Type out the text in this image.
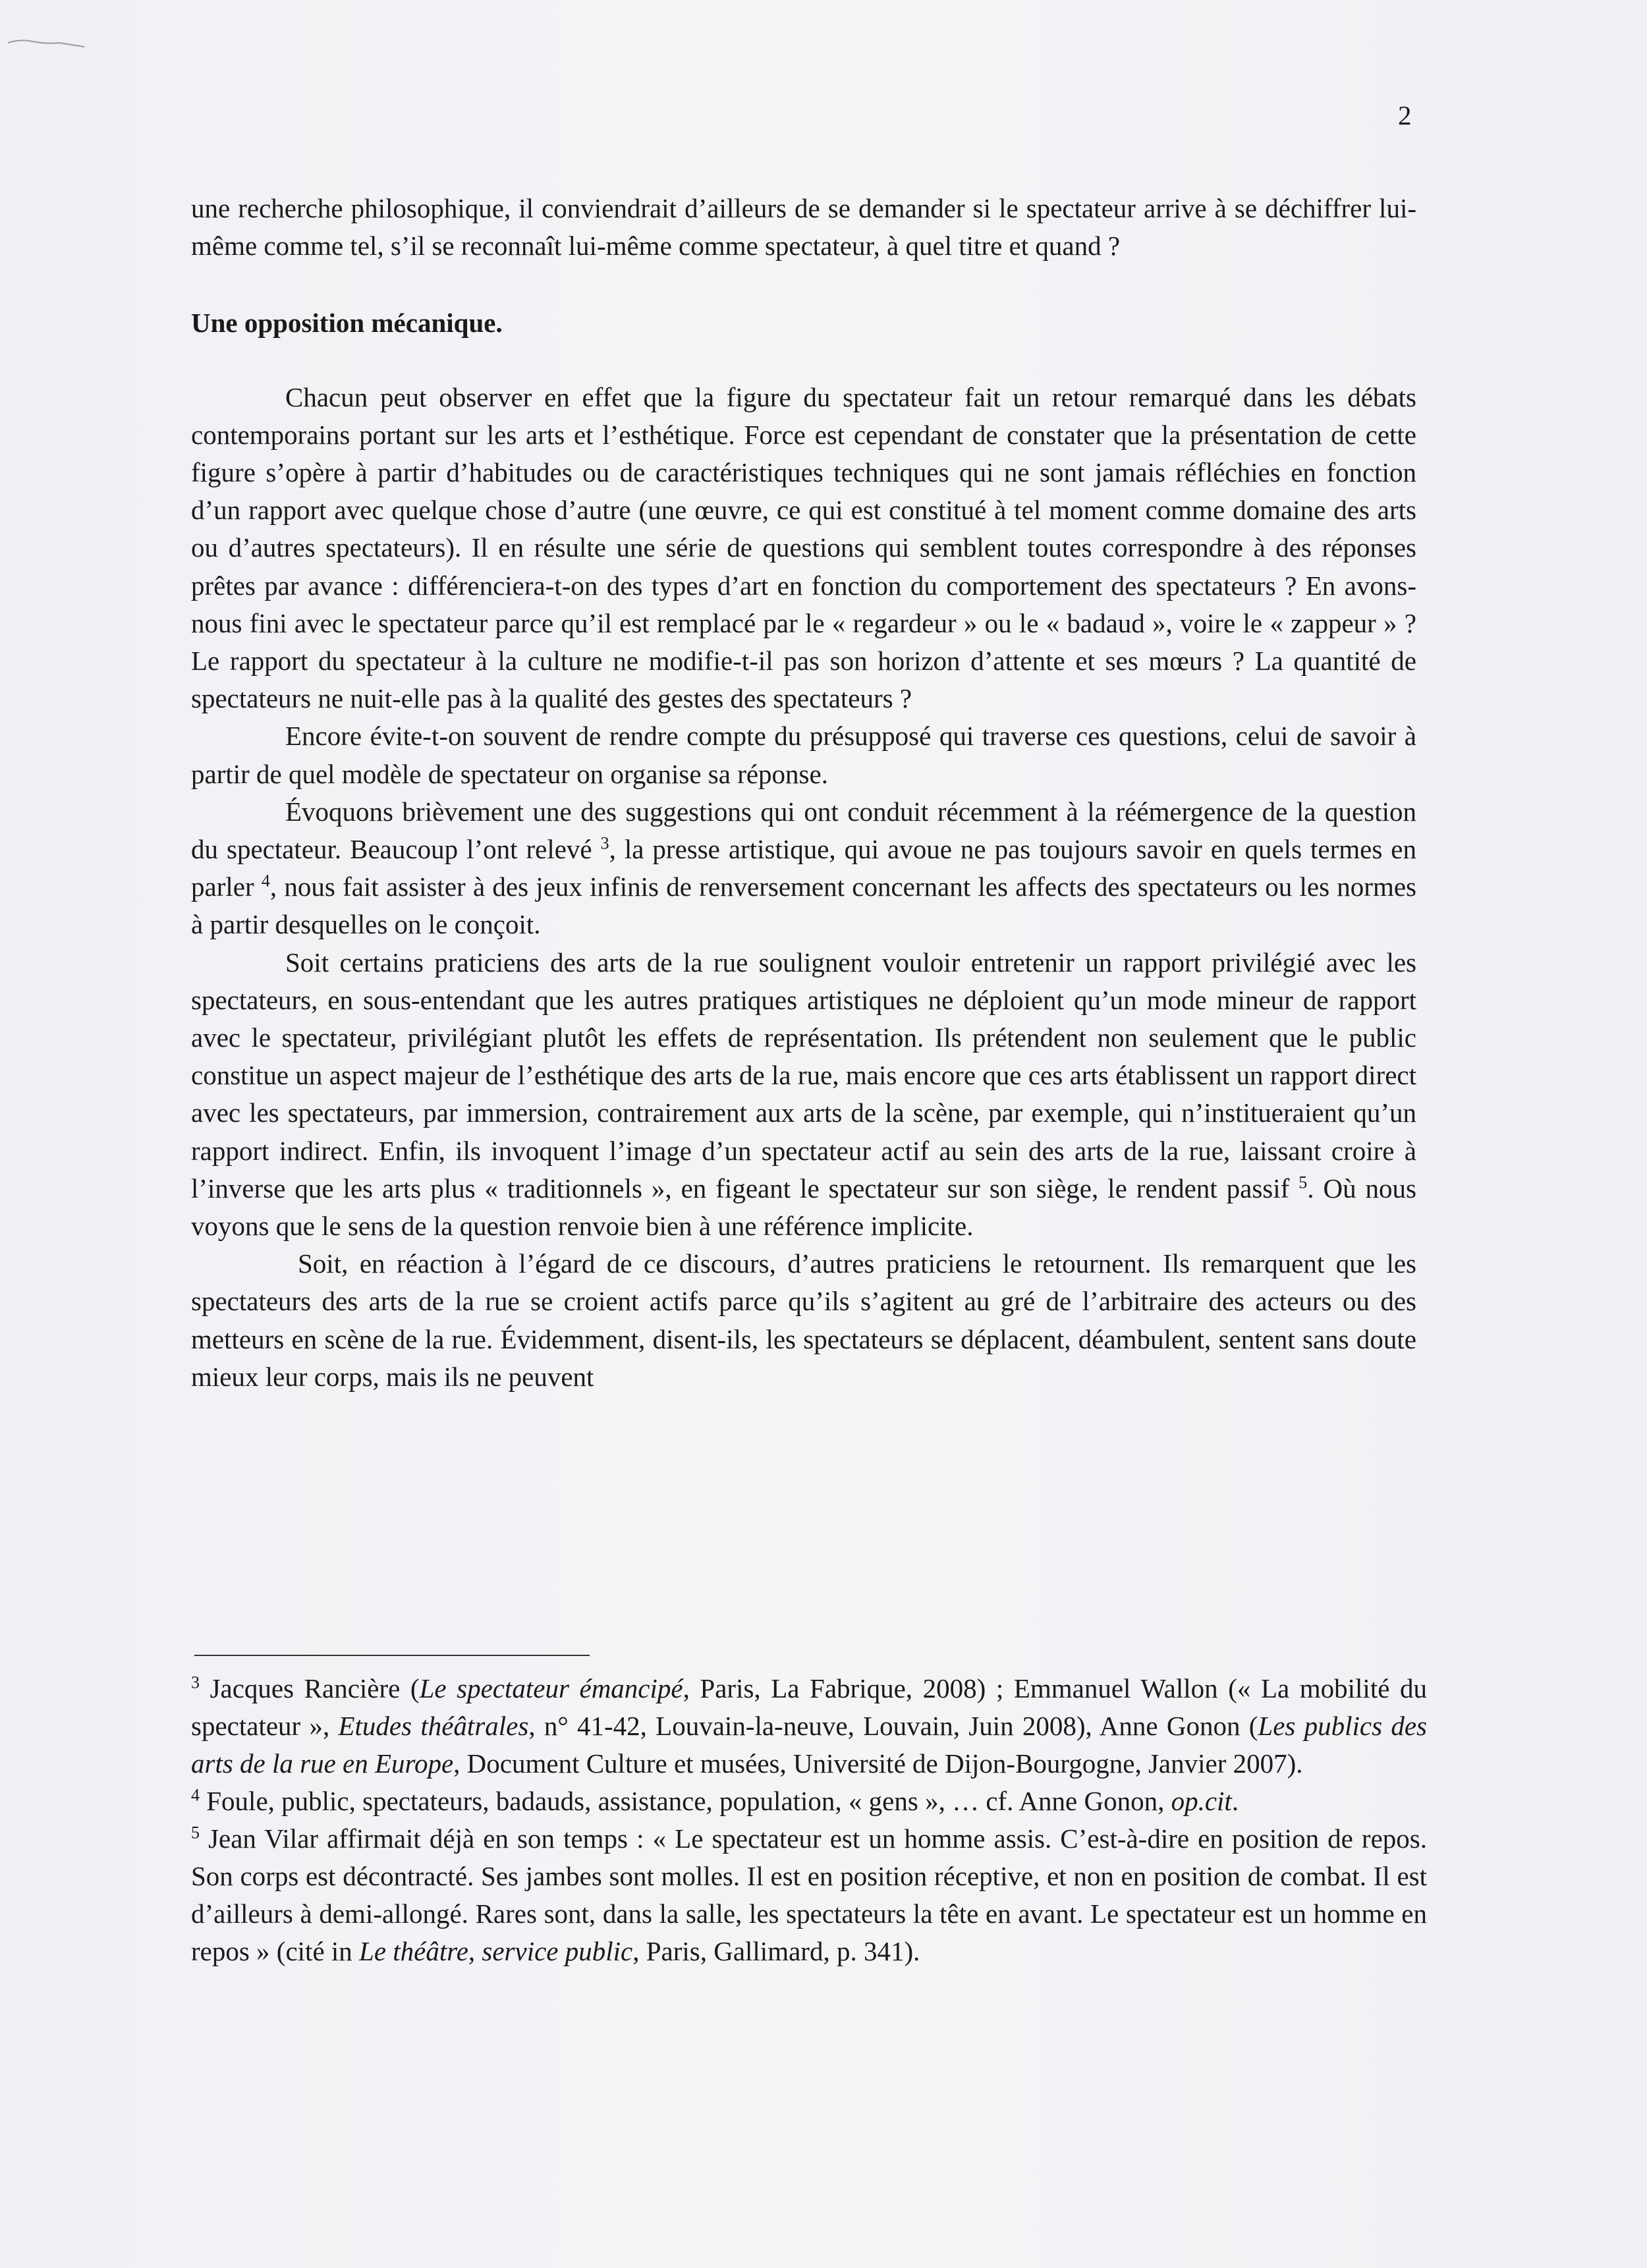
2

une recherche philosophique, il conviendrait d’ailleurs de se demander si le spectateur arrive à se déchiffrer lui-même comme tel, s’il se reconnaît lui-même comme spectateur, à quel titre et quand ?

Une opposition mécanique.

Chacun peut observer en effet que la figure du spectateur fait un retour remarqué dans les débats contemporains portant sur les arts et l’esthétique. Force est cependant de constater que la présentation de cette figure s’opère à partir d’habitudes ou de caractéristiques techniques qui ne sont jamais réfléchies en fonction d’un rapport avec quelque chose d’autre (une œuvre, ce qui est constitué à tel moment comme domaine des arts ou d’autres spectateurs). Il en résulte une série de questions qui semblent toutes correspondre à des réponses prêtes par avance : différenciera-t-on des types d’art en fonction du comportement des spectateurs ? En avons-nous fini avec le spectateur parce qu’il est remplacé par le « regardeur » ou le « badaud », voire le « zappeur » ? Le rapport du spectateur à la culture ne modifie-t-il pas son horizon d’attente et ses mœurs ? La quantité de spectateurs ne nuit-elle pas à la qualité des gestes des spectateurs ?

Encore évite-t-on souvent de rendre compte du présupposé qui traverse ces questions, celui de savoir à partir de quel modèle de spectateur on organise sa réponse.

Évoquons brièvement une des suggestions qui ont conduit récemment à la réémergence de la question du spectateur. Beaucoup l’ont relevé $^3$, la presse artistique, qui avoue ne pas toujours savoir en quels termes en parler $^4$, nous fait assister à des jeux infinis de renversement concernant les affects des spectateurs ou les normes à partir desquelles on le conçoit.

Soit certains praticiens des arts de la rue soulignent vouloir entretenir un rapport privilégié avec les spectateurs, en sous-entendant que les autres pratiques artistiques ne déploient qu’un mode mineur de rapport avec le spectateur, privilégiant plutôt les effets de représentation. Ils prétendent non seulement que le public constitue un aspect majeur de l’esthétique des arts de la rue, mais encore que ces arts établissent un rapport direct avec les spectateurs, par immersion, contrairement aux arts de la scène, par exemple, qui n’institueraient qu’un rapport indirect. Enfin, ils invoquent l’image d’un spectateur actif au sein des arts de la rue, laissant croire à l’inverse que les arts plus « traditionnels », en figeant le spectateur sur son siège, le rendent passif $^5$. Où nous voyons que le sens de la question renvoie bien à une référence implicite.

Soit, en réaction à l’égard de ce discours, d’autres praticiens le retournent. Ils remarquent que les spectateurs des arts de la rue se croient actifs parce qu’ils s’agitent au gré de l’arbitraire des acteurs ou des metteurs en scène de la rue. Évidemment, disent-ils, les spectateurs se déplacent, déambulent, sentent sans doute mieux leur corps, mais ils ne peuvent

$^3$ Jacques Rancière (Le spectateur émancipé, Paris, La Fabrique, 2008) ; Emmanuel Wallon (« La mobilité du spectateur », Etudes théâtrales, n° 41-42, Louvain-la-neuve, Louvain, Juin 2008), Anne Gonon (Les publics des arts de la rue en Europe, Document Culture et musées, Université de Dijon-Bourgogne, Janvier 2007).

$^4$ Foule, public, spectateurs, badauds, assistance, population, « gens », … cf. Anne Gonon, op.cit.

$^5$ Jean Vilar affirmait déjà en son temps : « Le spectateur est un homme assis. C’est-à-dire en position de repos. Son corps est décontracté. Ses jambes sont molles. Il est en position réceptive, et non en position de combat. Il est d’ailleurs à demi-allongé. Rares sont, dans la salle, les spectateurs la tête en avant. Le spectateur est un homme en repos » (cité in Le théâtre, service public, Paris, Gallimard, p. 341).
